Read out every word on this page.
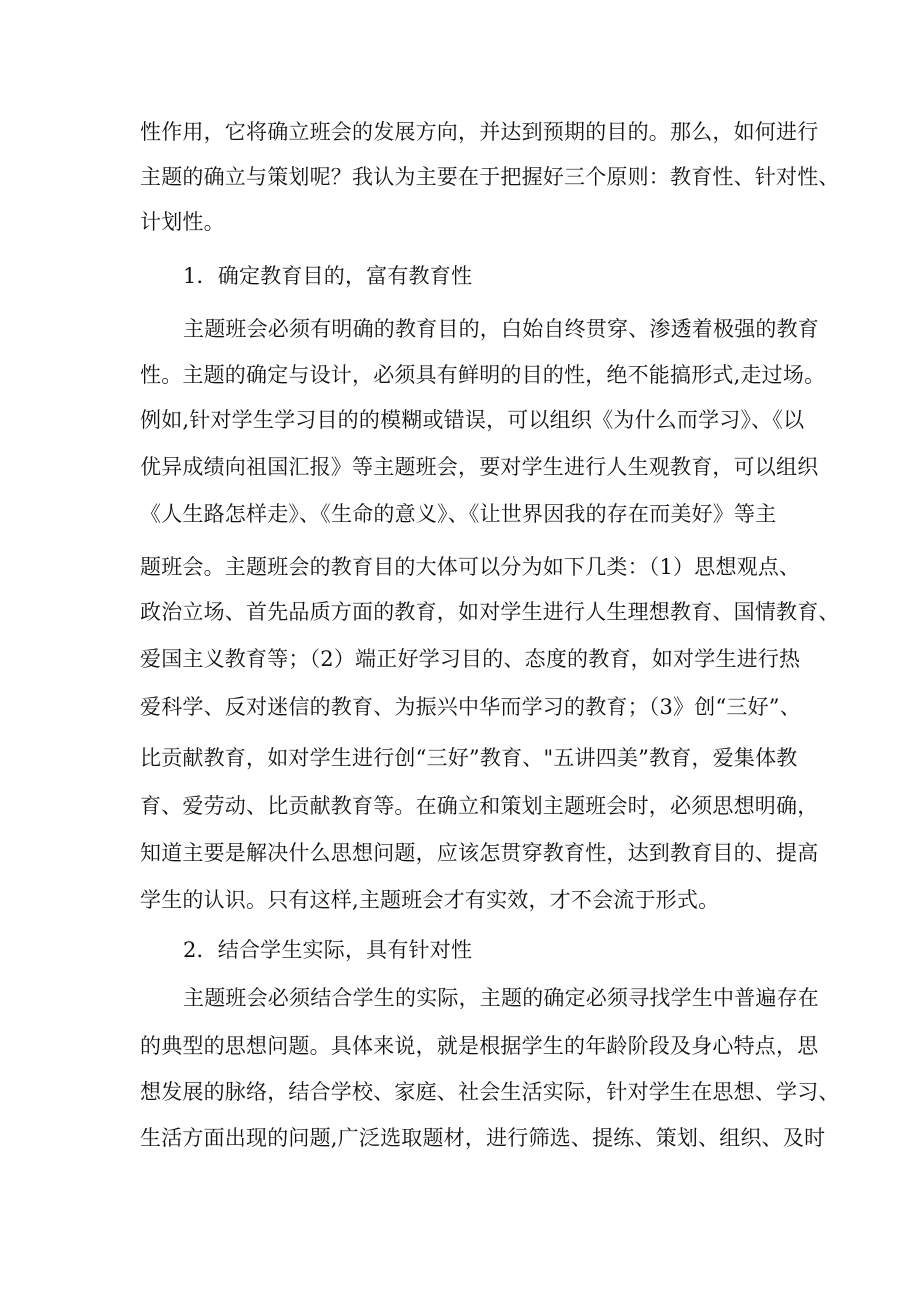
性作用，它将确立班会的发展方向，并达到预期的目的。那么，如何进行
主题的确立与策划呢？我认为主要在于把握好三个原则：教育性、针对性、
计划性。
1．确定教育目的，富有教育性
主题班会必须有明确的教育目的，白始自终贯穿、渗透着极强的教育
性。主题的确定与设计，必须具有鲜明的目的性，绝不能搞形式,走过场。
例如,针对学生学习目的的模糊或错误，可以组织《为什么而学习》、《以
优异成绩向祖国汇报》等主题班会，要对学生进行人生观教育，可以组织
《人生路怎样走》、《生命的意义》、《让世界因我的存在而美好》等主
题班会。主题班会的教育目的大体可以分为如下几类：（1）思想观点、
政治立场、首先品质方面的教育，如对学生进行人生理想教育、国情教育、
爱国主义教育等；（2）端正好学习目的、态度的教育，如对学生进行热
爱科学、反对迷信的教育、为振兴中华而学习的教育；（3》创“三好”、
比贡献教育，如对学生进行创“三好”教育、"五讲四美”教育，爱集体教
育、爱劳动、比贡献教育等。在确立和策划主题班会时，必须思想明确，
知道主要是解决什么思想问题，应该怎贯穿教育性，达到教育目的、提高
学生的认识。只有这样,主题班会才有实效，才不会流于形式。
2．结合学生实际，具有针对性
主题班会必须结合学生的实际，主题的确定必须寻找学生中普遍存在
的典型的思想问题。具体来说，就是根据学生的年龄阶段及身心特点，思
想发展的脉络，结合学校、家庭、社会生活实际，针对学生在思想、学习、
生活方面出现的问题,广泛选取题材，进行筛选、提练、策划、组织、及时
